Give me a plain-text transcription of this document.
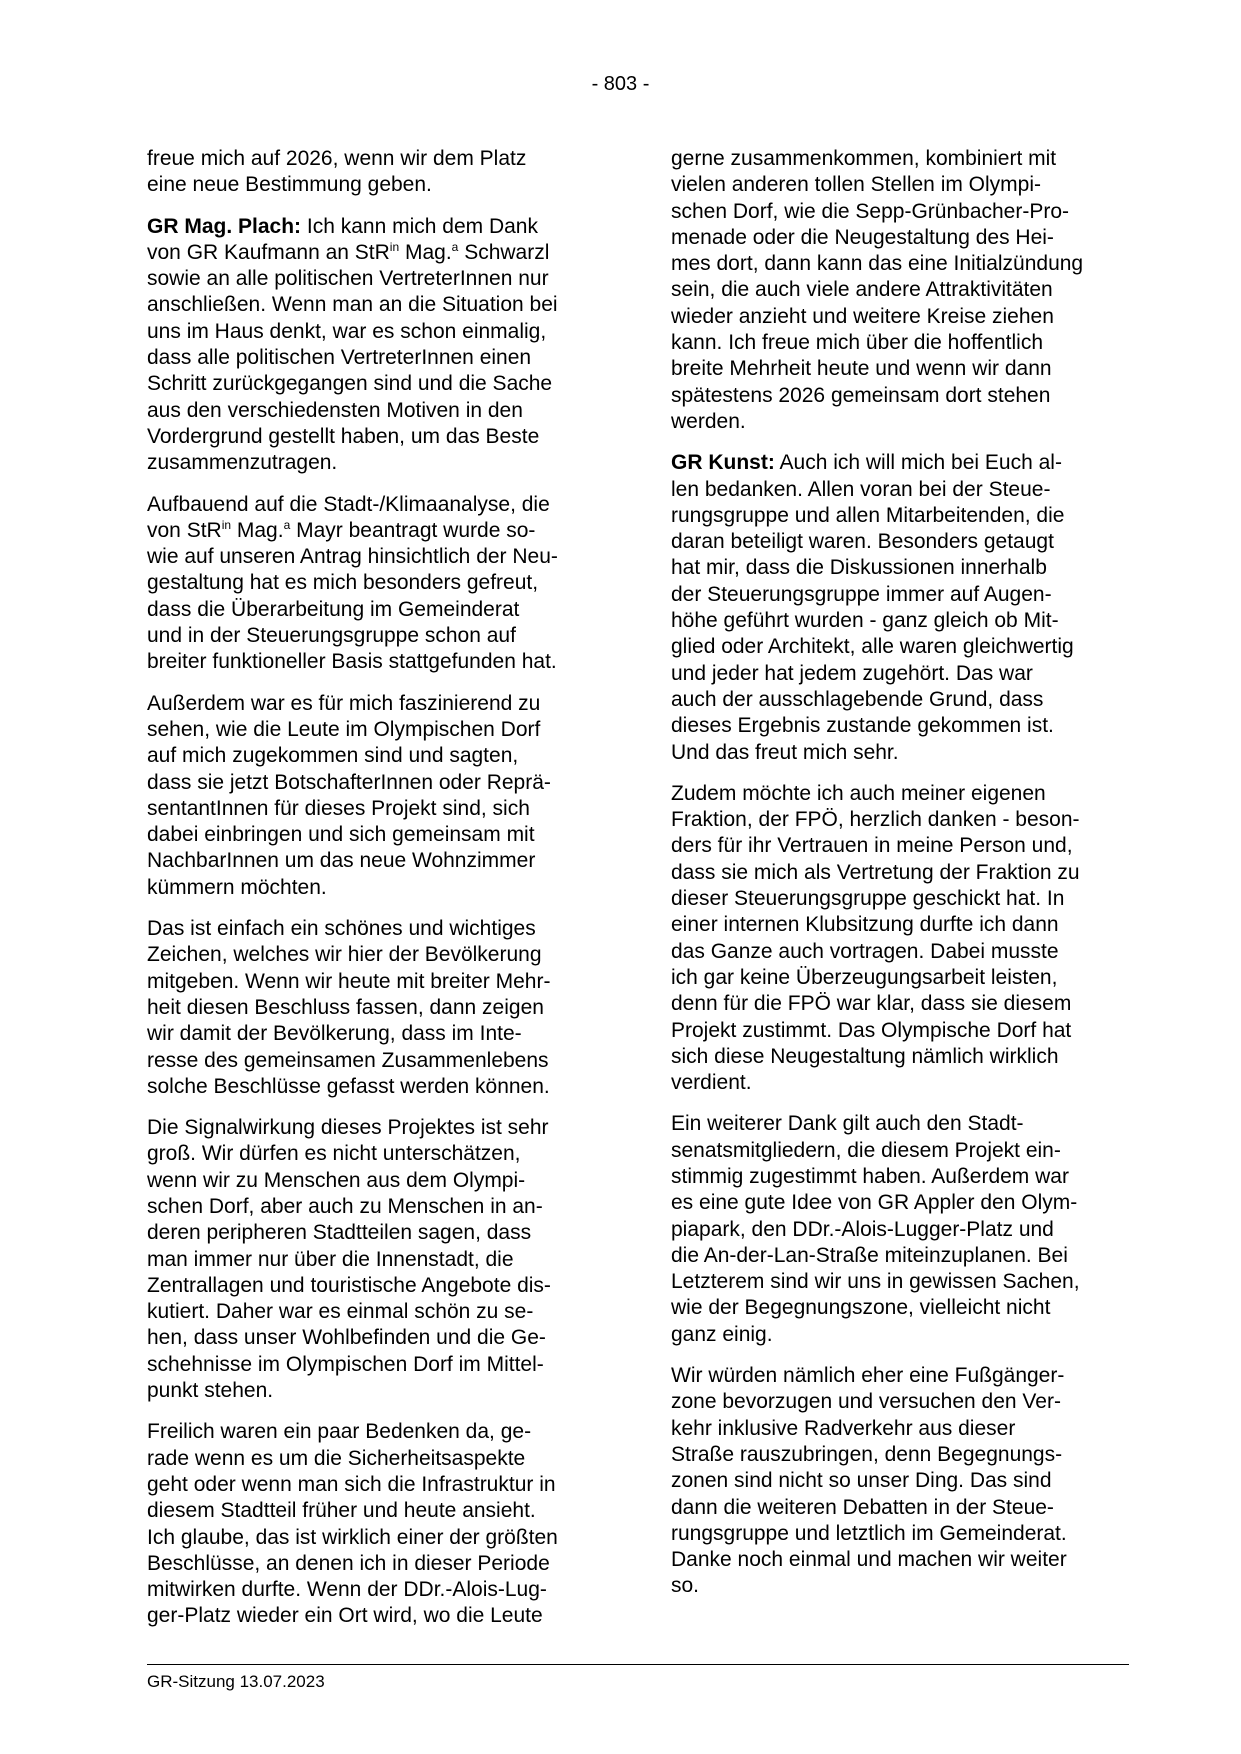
- 803 -

freue mich auf 2026, wenn wir dem Platz
eine neue Bestimmung geben.

GR Mag. Plach: Ich kann mich dem Dank
von GR Kaufmann an StR$^{in}$ Mag.$^a$ Schwarzl
sowie an alle politischen VertreterInnen nur
anschließen. Wenn man an die Situation bei
uns im Haus denkt, war es schon einmalig,
dass alle politischen VertreterInnen einen
Schritt zurückgegangen sind und die Sache
aus den verschiedensten Motiven in den
Vordergrund gestellt haben, um das Beste
zusammenzutragen.

Aufbauend auf die Stadt-/Klimaanalyse, die
von StR$^{in}$ Mag.$^a$ Mayr beantragt wurde so-
wie auf unseren Antrag hinsichtlich der Neu-
gestaltung hat es mich besonders gefreut,
dass die Überarbeitung im Gemeinderat
und in der Steuerungsgruppe schon auf
breiter funktioneller Basis stattgefunden hat.

Außerdem war es für mich faszinierend zu
sehen, wie die Leute im Olympischen Dorf
auf mich zugekommen sind und sagten,
dass sie jetzt BotschafterInnen oder Reprä-
sentantInnen für dieses Projekt sind, sich
dabei einbringen und sich gemeinsam mit
NachbarInnen um das neue Wohnzimmer
kümmern möchten.

Das ist einfach ein schönes und wichtiges
Zeichen, welches wir hier der Bevölkerung
mitgeben. Wenn wir heute mit breiter Mehr-
heit diesen Beschluss fassen, dann zeigen
wir damit der Bevölkerung, dass im Inte-
resse des gemeinsamen Zusammenlebens
solche Beschlüsse gefasst werden können.

Die Signalwirkung dieses Projektes ist sehr
groß. Wir dürfen es nicht unterschätzen,
wenn wir zu Menschen aus dem Olympi-
schen Dorf, aber auch zu Menschen in an-
deren peripheren Stadtteilen sagen, dass
man immer nur über die Innenstadt, die
Zentrallagen und touristische Angebote dis-
kutiert. Daher war es einmal schön zu se-
hen, dass unser Wohlbefinden und die Ge-
schehnisse im Olympischen Dorf im Mittel-
punkt stehen.

Freilich waren ein paar Bedenken da, ge-
rade wenn es um die Sicherheitsaspekte
geht oder wenn man sich die Infrastruktur in
diesem Stadtteil früher und heute ansieht.
Ich glaube, das ist wirklich einer der größten
Beschlüsse, an denen ich in dieser Periode
mitwirken durfte. Wenn der DDr.-Alois-Lug-
ger-Platz wieder ein Ort wird, wo die Leute

gerne zusammenkommen, kombiniert mit
vielen anderen tollen Stellen im Olympi-
schen Dorf, wie die Sepp-Grünbacher-Pro-
menade oder die Neugestaltung des Hei-
mes dort, dann kann das eine Initialzündung
sein, die auch viele andere Attraktivitäten
wieder anzieht und weitere Kreise ziehen
kann. Ich freue mich über die hoffentlich
breite Mehrheit heute und wenn wir dann
spätestens 2026 gemeinsam dort stehen
werden.

GR Kunst: Auch ich will mich bei Euch al-
len bedanken. Allen voran bei der Steue-
rungsgruppe und allen Mitarbeitenden, die
daran beteiligt waren. Besonders getaugt
hat mir, dass die Diskussionen innerhalb
der Steuerungsgruppe immer auf Augen-
höhe geführt wurden - ganz gleich ob Mit-
glied oder Architekt, alle waren gleichwertig
und jeder hat jedem zugehört. Das war
auch der ausschlagebende Grund, dass
dieses Ergebnis zustande gekommen ist.
Und das freut mich sehr.

Zudem möchte ich auch meiner eigenen
Fraktion, der FPÖ, herzlich danken - beson-
ders für ihr Vertrauen in meine Person und,
dass sie mich als Vertretung der Fraktion zu
dieser Steuerungsgruppe geschickt hat. In
einer internen Klubsitzung durfte ich dann
das Ganze auch vortragen. Dabei musste
ich gar keine Überzeugungsarbeit leisten,
denn für die FPÖ war klar, dass sie diesem
Projekt zustimmt. Das Olympische Dorf hat
sich diese Neugestaltung nämlich wirklich
verdient.

Ein weiterer Dank gilt auch den Stadt-
senatsmitgliedern, die diesem Projekt ein-
stimmig zugestimmt haben. Außerdem war
es eine gute Idee von GR Appler den Olym-
piapark, den DDr.-Alois-Lugger-Platz und
die An-der-Lan-Straße miteinzuplanen. Bei
Letzterem sind wir uns in gewissen Sachen,
wie der Begegnungszone, vielleicht nicht
ganz einig.

Wir würden nämlich eher eine Fußgänger-
zone bevorzugen und versuchen den Ver-
kehr inklusive Radverkehr aus dieser
Straße rauszubringen, denn Begegnungs-
zonen sind nicht so unser Ding. Das sind
dann die weiteren Debatten in der Steue-
rungsgruppe und letztlich im Gemeinderat.
Danke noch einmal und machen wir weiter
so.

GR-Sitzung 13.07.2023
